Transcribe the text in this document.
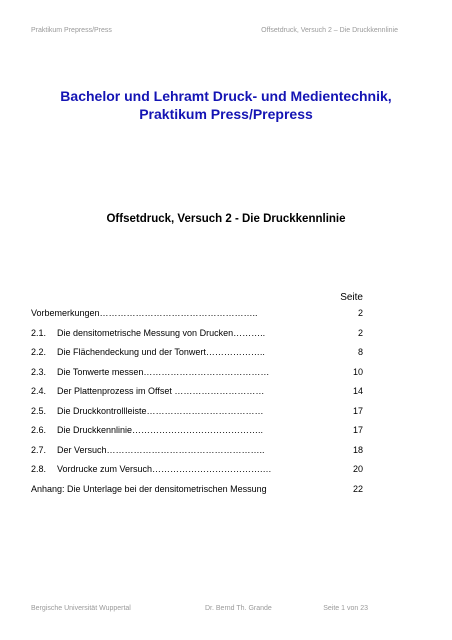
Praktikum Prepress/Press	Offsetdruck, Versuch 2 – Die Druckkennlinie
Bachelor und Lehramt Druck- und Medientechnik,
Praktikum Press/Prepress
Offsetdruck, Versuch 2 - Die Druckkennlinie
Seite
Vorbemerkungen……………………………………………..	2
2.1.	Die densitometrische Messung von Drucken………..	2
2.2.	Die Flächendeckung und der Tonwert………………..	8
2.3.	Die Tonwerte messen……………………………………	10
2.4.	Der Plattenprozess im Offset …………………………	14
2.5.	Die Druckkontrollleiste…………………………………	17
2.6.	Die Druckkennlinie……………………………………..	17
2.7.	Der Versuch……………………………………………..	18
2.8.	Vordrucke zum Versuch……………………………….…	20
Anhang: Die Unterlage bei der densitometrischen Messung	22
Bergische Universität Wuppertal	Dr. Bernd Th. Grande	Seite 1 von 23
